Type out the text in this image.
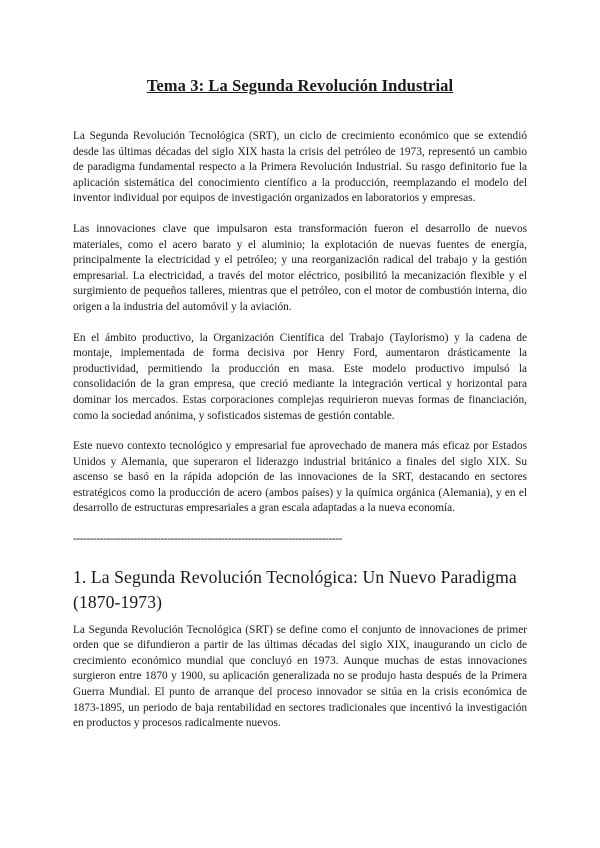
Tema 3: La Segunda Revolución Industrial

La Segunda Revolución Tecnológica (SRT), un ciclo de crecimiento económico que se extendió desde las últimas décadas del siglo XIX hasta la crisis del petróleo de 1973, representó un cambio de paradigma fundamental respecto a la Primera Revolución Industrial. Su rasgo definitorio fue la aplicación sistemática del conocimiento científico a la producción, reemplazando el modelo del inventor individual por equipos de investigación organizados en laboratorios y empresas.

Las innovaciones clave que impulsaron esta transformación fueron el desarrollo de nuevos materiales, como el acero barato y el aluminio; la explotación de nuevas fuentes de energía, principalmente la electricidad y el petróleo; y una reorganización radical del trabajo y la gestión empresarial. La electricidad, a través del motor eléctrico, posibilitó la mecanización flexible y el surgimiento de pequeños talleres, mientras que el petróleo, con el motor de combustión interna, dio origen a la industria del automóvil y la aviación.

En el ámbito productivo, la Organización Científica del Trabajo (Taylorismo) y la cadena de montaje, implementada de forma decisiva por Henry Ford, aumentaron drásticamente la productividad, permitiendo la producción en masa. Este modelo productivo impulsó la consolidación de la gran empresa, que creció mediante la integración vertical y horizontal para dominar los mercados. Estas corporaciones complejas requirieron nuevas formas de financiación, como la sociedad anónima, y sofisticados sistemas de gestión contable.

Este nuevo contexto tecnológico y empresarial fue aprovechado de manera más eficaz por Estados Unidos y Alemania, que superaron el liderazgo industrial británico a finales del siglo XIX. Su ascenso se basó en la rápida adopción de las innovaciones de la SRT, destacando en sectores estratégicos como la producción de acero (ambos países) y la química orgánica (Alemania), y en el desarrollo de estructuras empresariales a gran escala adaptadas a la nueva economía.

--------------------------------------------------------------------------------
1. La Segunda Revolución Tecnológica: Un Nuevo Paradigma (1870-1973)

La Segunda Revolución Tecnológica (SRT) se define como el conjunto de innovaciones de primer orden que se difundieron a partir de las últimas décadas del siglo XIX, inaugurando un ciclo de crecimiento económico mundial que concluyó en 1973. Aunque muchas de estas innovaciones surgieron entre 1870 y 1900, su aplicación generalizada no se produjo hasta después de la Primera Guerra Mundial. El punto de arranque del proceso innovador se sitúa en la crisis económica de 1873-1895, un periodo de baja rentabilidad en sectores tradicionales que incentivó la investigación en productos y procesos radicalmente nuevos.
